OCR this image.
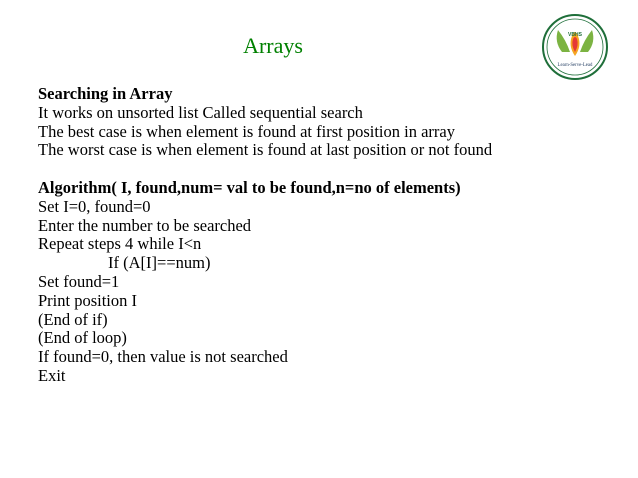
Arrays	VBHS
Learn-Serve-Lead

Searching in Array

It works on unsorted list Called sequential search

The best case is when element is found at first position in array

The worst case is when element is found at last position or not found

Algorithm( I, found,num= val to be found,n=no of elements)

Set I=0, found=0

Enter the number to be searched

Repeat steps 4 while I<n

If (A[I]==num)

Set found=1

Print position I

(End of if)

(End of loop)

If found=0, then value is not searched

Exit
